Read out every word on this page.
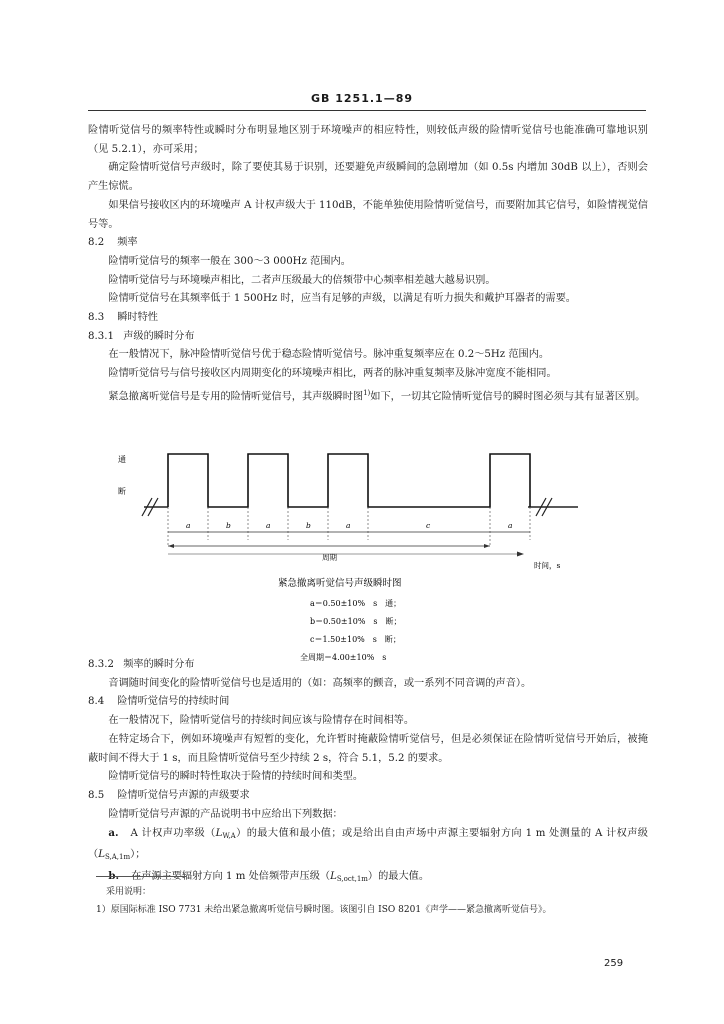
GB 1251.1—89

险情听觉信号的频率特性或瞬时分布明显地区别于环境噪声的相应特性，则较低声级的险情听觉信号也能准确可靠地识别（见 5.2.1），亦可采用；

确定险情听觉信号声级时，除了要使其易于识别，还要避免声级瞬间的急剧增加（如 0.5s 内增加 30dB 以上），否则会产生惊慌。

如果信号接收区内的环境噪声 A 计权声级大于 110dB，不能单独使用险情听觉信号，而要附加其它信号，如险情视觉信号等。

8.2 频率

险情听觉信号的频率一般在 300～3 000Hz 范围内。

险情听觉信号与环境噪声相比，二者声压级最大的倍频带中心频率相差越大越易识别。

险情听觉信号在其频率低于 1 500Hz 时，应当有足够的声级，以满足有听力损失和戴护耳器者的需要。

8.3 瞬时特性
8.3.1 声级的瞬时分布

在一般情况下，脉冲险情听觉信号优于稳态险情听觉信号。脉冲重复频率应在 0.2～5Hz 范围内。

险情听觉信号与信号接收区内周期变化的环境噪声相比，两者的脉冲重复频率及脉冲宽度不能相同。

紧急撤离听觉信号是专用的险情听觉信号，其声级瞬时图$^{1)}$如下，一切其它险情听觉信号的瞬时图必须与其有显著区别。

通
断
a	b	a	b	a	c	a
周期
时间，s
紧急撤离听觉信号声级瞬时图
a＝0.50±10%　s　通；
b＝0.50±10%　s　断；
c＝1.50±10%　s　断；
全周期＝4.00±10%　s
8.3.2 频率的瞬时分布

音调随时间变化的险情听觉信号也是适用的（如：高频率的颤音，或一系列不同音调的声音）。

8.4 险情听觉信号的持续时间

在一般情况下，险情听觉信号的持续时间应该与险情存在时间相等。

在特定场合下，例如环境噪声有短暂的变化，允许暂时掩蔽险情听觉信号，但是必须保证在险情听觉信号开始后，被掩蔽时间不得大于 1 s，而且险情听觉信号至少持续 2 s，符合 5.1，5.2 的要求。

险情听觉信号的瞬时特性取决于险情的持续时间和类型。

8.5 险情听觉信号声源的声级要求

险情听觉信号声源的产品说明书中应给出下列数据：

a. A 计权声功率级（LW,A）的最大值和最小值；或是给出自由声场中声源主要辐射方向 1 m 处测量的 A 计权声级（LS,A,1m）；

b. 在声源主要辐射方向 1 m 处倍频带声压级（LS,oct,1m）的最大值。

采用说明：
1）原国际标准 ISO 7731 未给出紧急撤离听觉信号瞬时图。该图引自 ISO 8201《声学——紧急撤离听觉信号》。
259
